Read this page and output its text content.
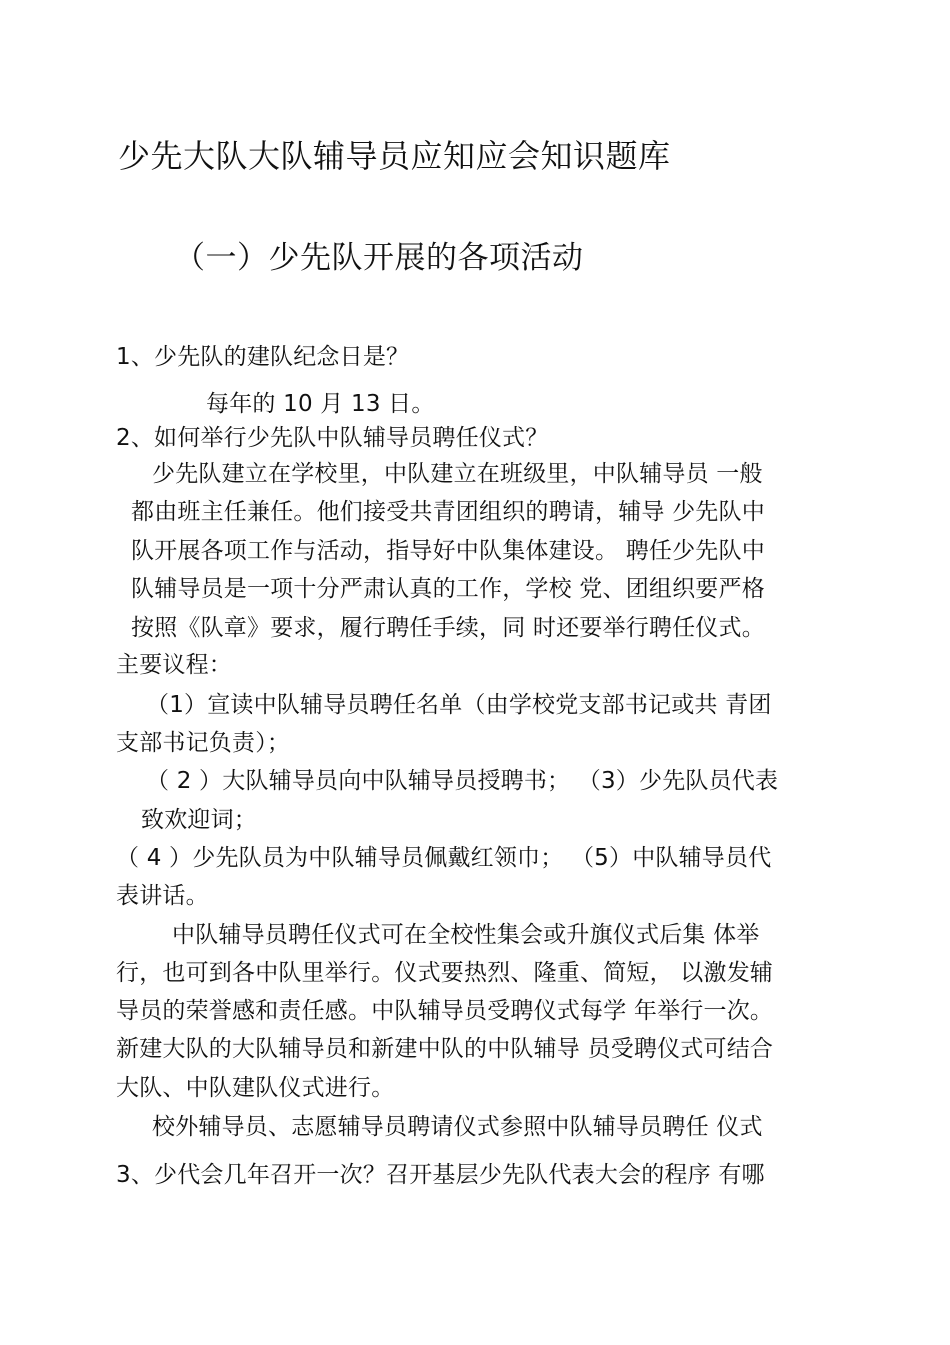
少先大队大队辅导员应知应会知识题库
（一）少先队开展的各项活动
1、少先队的建队纪念日是？
每年的 10 月 13 日。
2、如何举行少先队中队辅导员聘任仪式？
少先队建立在学校里，中队建立在班级里，中队辅导员 一般
都由班主任兼任。他们接受共青团组织的聘请，辅导 少先队中
队开展各项工作与活动，指导好中队集体建设。 聘任少先队中
队辅导员是一项十分严肃认真的工作，学校 党、团组织要严格
按照《队章》要求，履行聘任手续，同 时还要举行聘任仪式。
主要议程：
（1）宣读中队辅导员聘任名单（由学校党支部书记或共 青团
支部书记负责）；
（ 2 ）大队辅导员向中队辅导员授聘书； （3）少先队员代表
致欢迎词；
（ 4 ）少先队员为中队辅导员佩戴红领巾； （5）中队辅导员代
表讲话。
中队辅导员聘任仪式可在全校性集会或升旗仪式后集 体举
行，也可到各中队里举行。仪式要热烈、隆重、简短， 以激发辅
导员的荣誉感和责任感。中队辅导员受聘仪式每学 年举行一次。
新建大队的大队辅导员和新建中队的中队辅导 员受聘仪式可结合
大队、中队建队仪式进行。
校外辅导员、志愿辅导员聘请仪式参照中队辅导员聘任 仪式
3、少代会几年召开一次？召开基层少先队代表大会的程序 有哪
